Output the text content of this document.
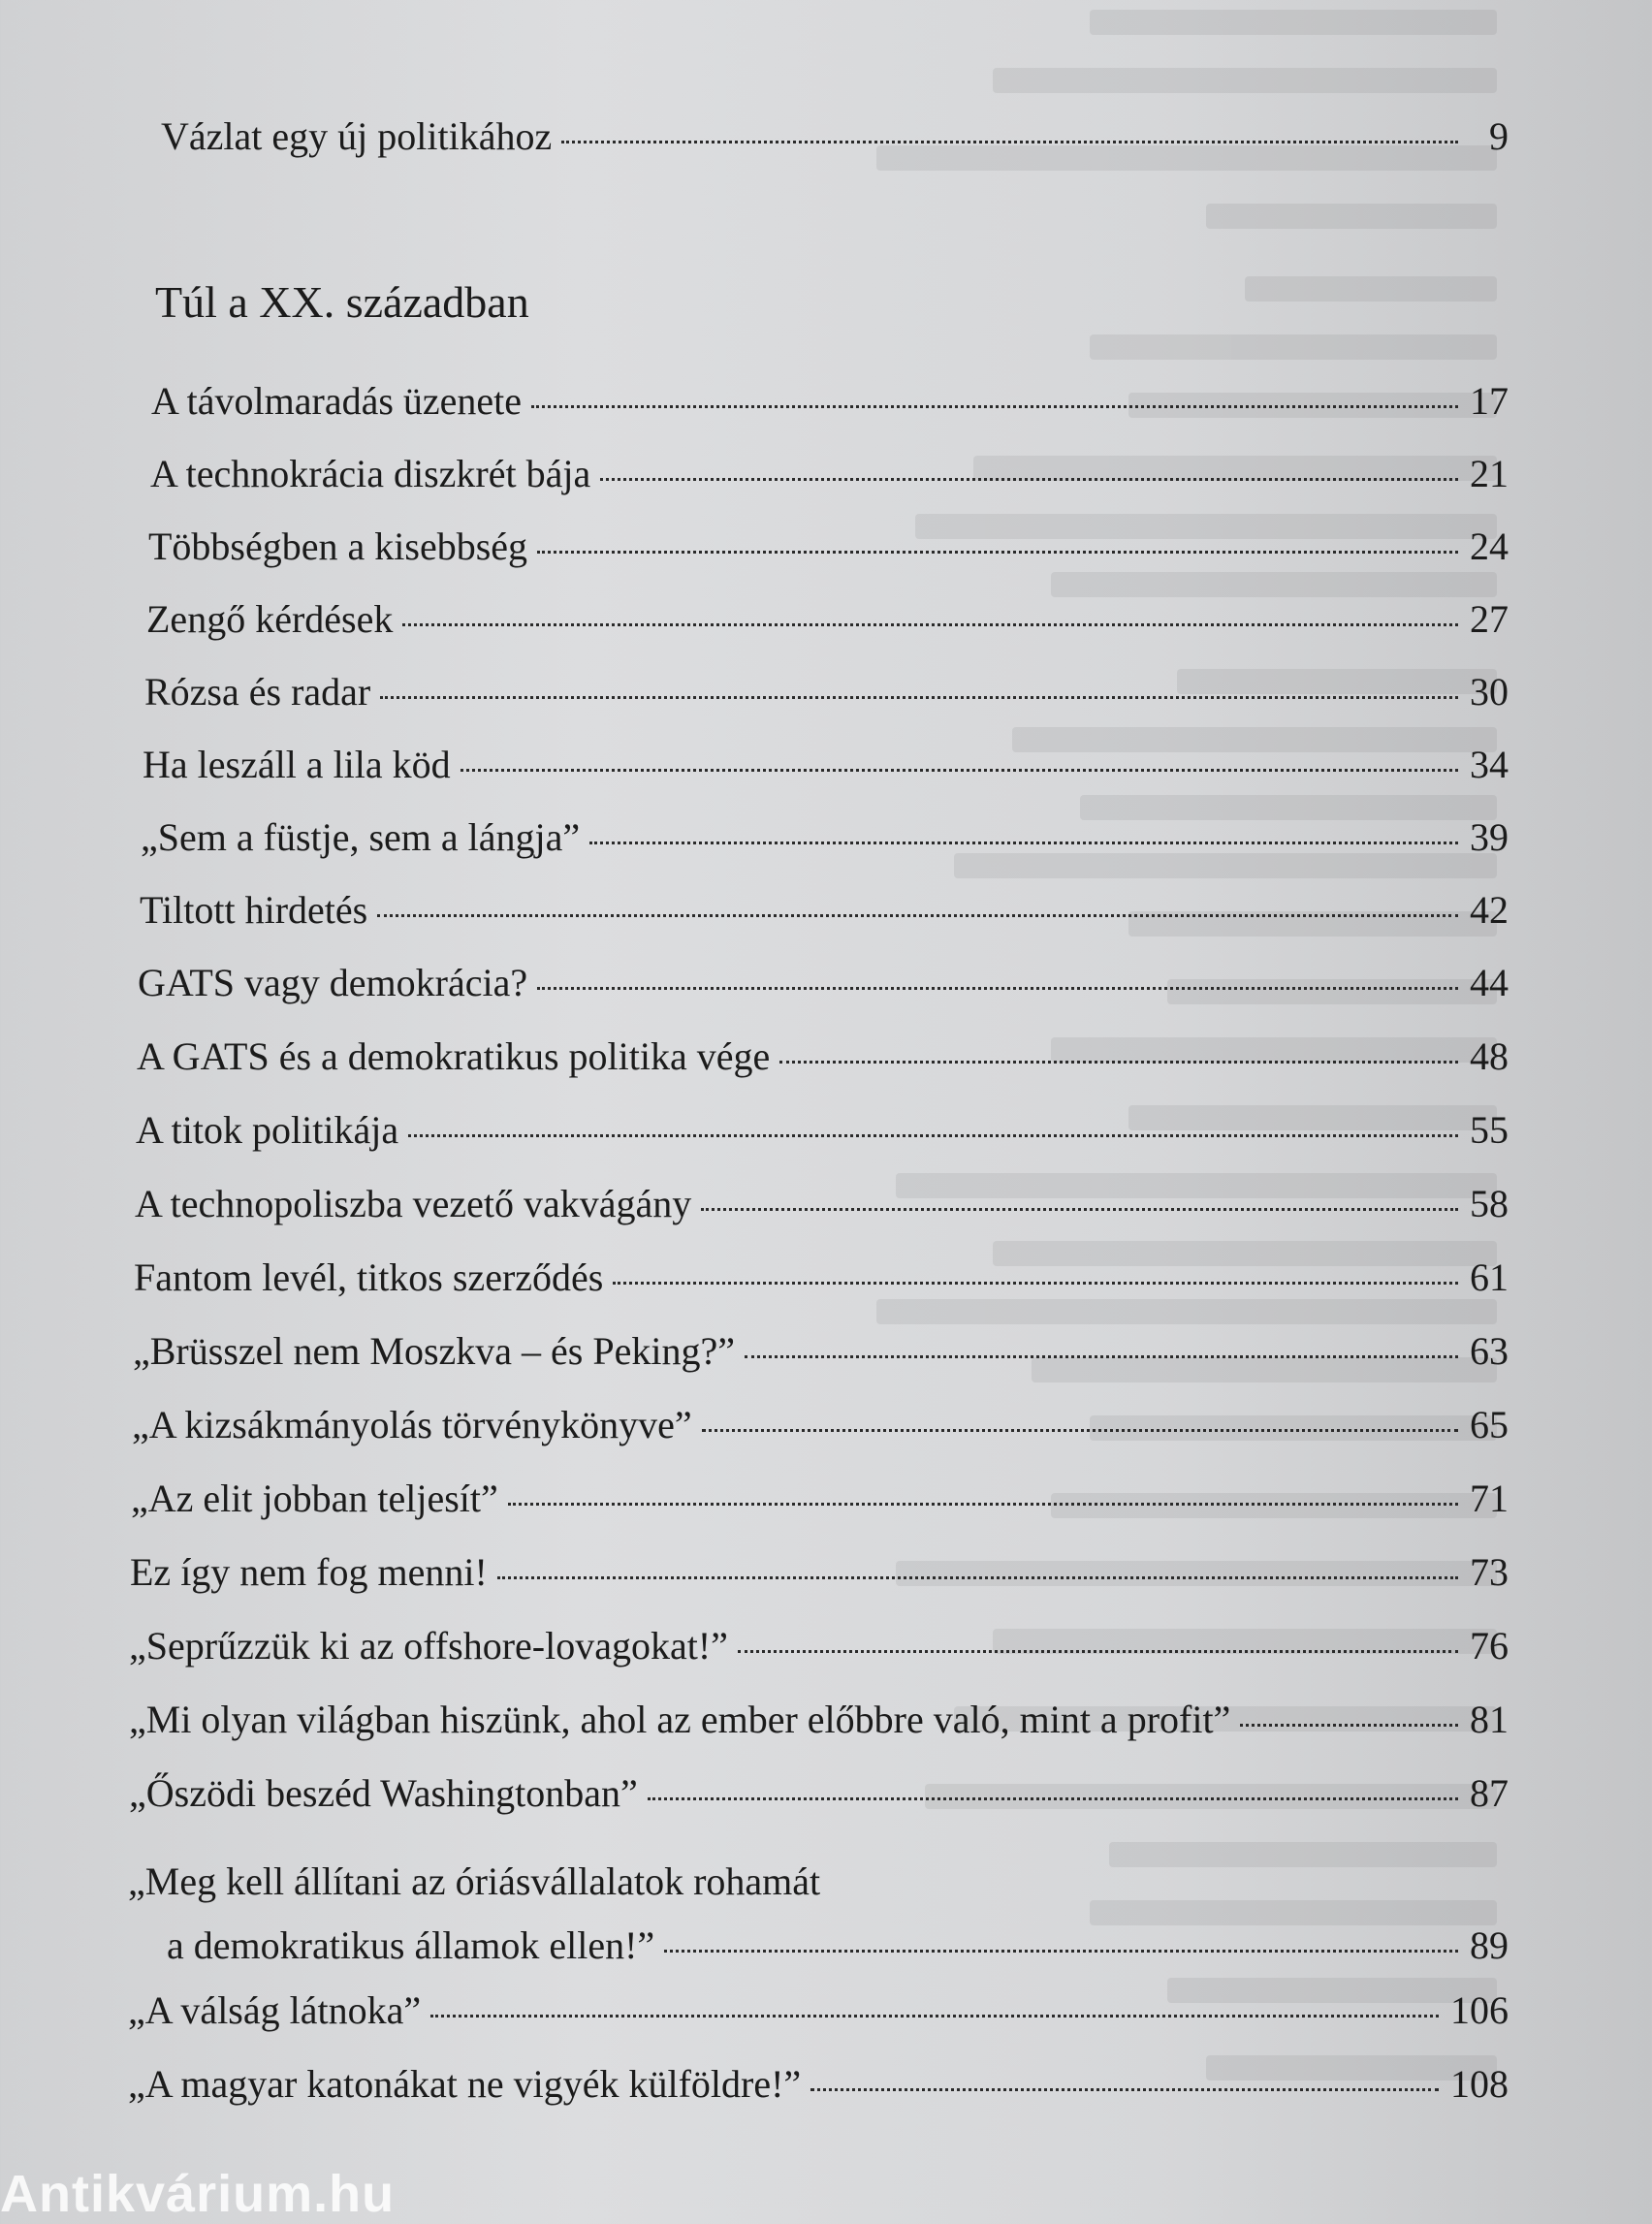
Vázlat egy új politikához	9
Túl a XX. században
A távolmaradás üzenete	17
A technokrácia diszkrét bája	21
Többségben a kisebbség	24
Zengő kérdések	27
Rózsa és radar	30
Ha leszáll a lila köd	34
„Sem a füstje, sem a lángja”	39
Tiltott hirdetés	42
GATS vagy demokrácia?	44
A GATS és a demokratikus politika vége	48
A titok politikája	55
A technopoliszba vezető vakvágány	58
Fantom levél, titkos szerződés	61
„Brüsszel nem Moszkva – és Peking?”	63
„A kizsákmányolás törvénykönyve”	65
„Az elit jobban teljesít”	71
Ez így nem fog menni!	73
„Seprűzzük ki az offshore-lovagokat!”	76
„Mi olyan világban hiszünk, ahol az ember előbbre való, mint a profit”	81
„Őszödi beszéd Washingtonban”	87
„Meg kell állítani az óriásvállalatok rohamát
a demokratikus államok ellen!”	89
„A válság látnoka”	106
„A magyar katonákat ne vigyék külföldre!”	108
Antikvárium.hu
